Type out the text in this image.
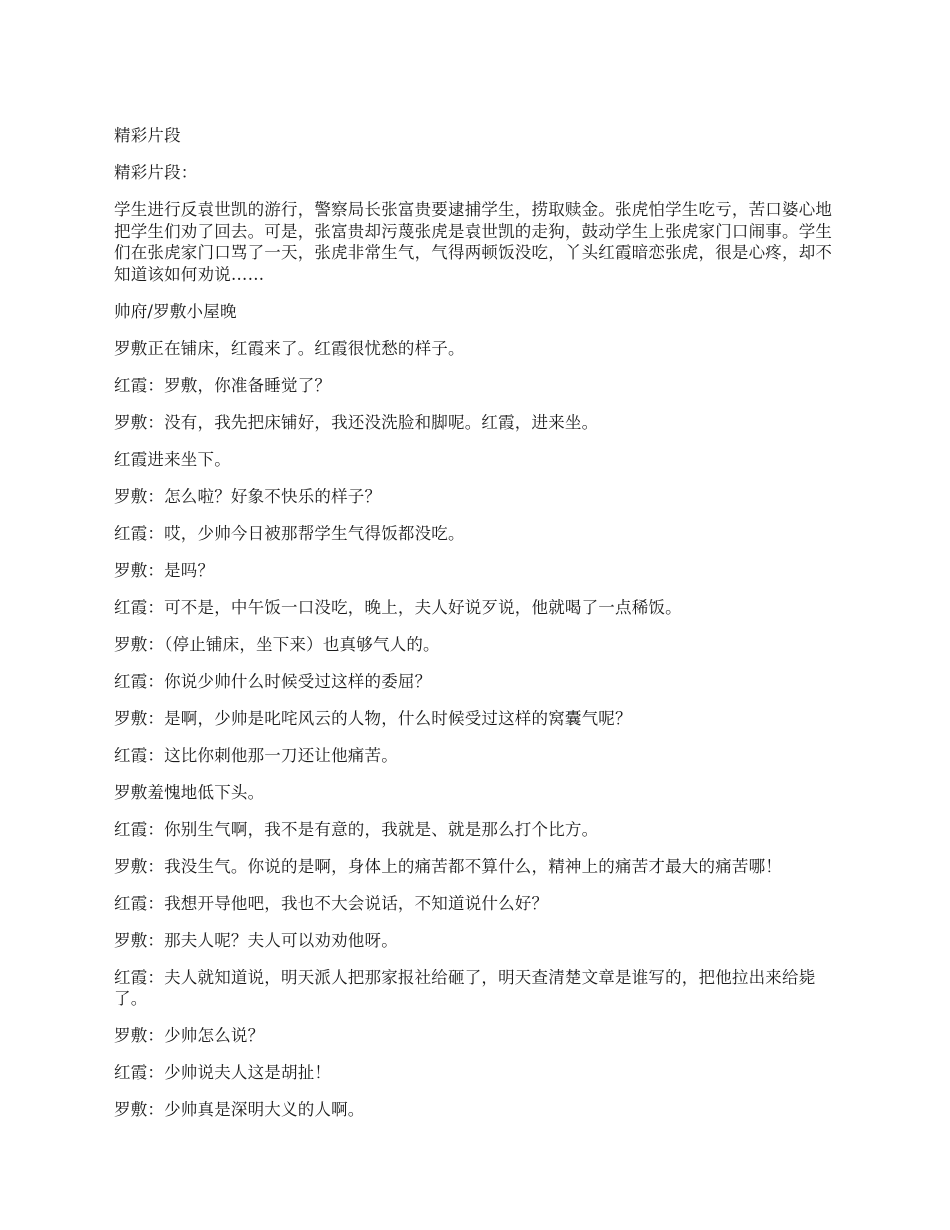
精彩片段

精彩片段：

学生进行反袁世凯的游行，警察局长张富贵要逮捕学生，捞取赎金。张虎怕学生吃亏，苦口婆心地把学生们劝了回去。可是，张富贵却污蔑张虎是袁世凯的走狗，鼓动学生上张虎家门口闹事。学生们在张虎家门口骂了一天，张虎非常生气，气得两顿饭没吃，丫头红霞暗恋张虎，很是心疼，却不知道该如何劝说……

帅府/罗敷小屋晚

罗敷正在铺床，红霞来了。红霞很忧愁的样子。

红霞：罗敷，你准备睡觉了？

罗敷：没有，我先把床铺好，我还没洗脸和脚呢。红霞，进来坐。

红霞进来坐下。

罗敷：怎么啦？好象不快乐的样子？

红霞：哎，少帅今日被那帮学生气得饭都没吃。

罗敷：是吗？

红霞：可不是，中午饭一口没吃，晚上，夫人好说歹说，他就喝了一点稀饭。

罗敷：（停止铺床，坐下来）也真够气人的。

红霞：你说少帅什么时候受过这样的委屈？

罗敷：是啊，少帅是叱咤风云的人物，什么时候受过这样的窝囊气呢？

红霞：这比你刺他那一刀还让他痛苦。

罗敷羞愧地低下头。

红霞：你别生气啊，我不是有意的，我就是、就是那么打个比方。

罗敷：我没生气。你说的是啊，身体上的痛苦都不算什么，精神上的痛苦才最大的痛苦哪！

红霞：我想开导他吧，我也不大会说话，不知道说什么好？

罗敷：那夫人呢？夫人可以劝劝他呀。

红霞：夫人就知道说，明天派人把那家报社给砸了，明天查清楚文章是谁写的，把他拉出来给毙了。

罗敷：少帅怎么说？

红霞：少帅说夫人这是胡扯！

罗敷：少帅真是深明大义的人啊。
